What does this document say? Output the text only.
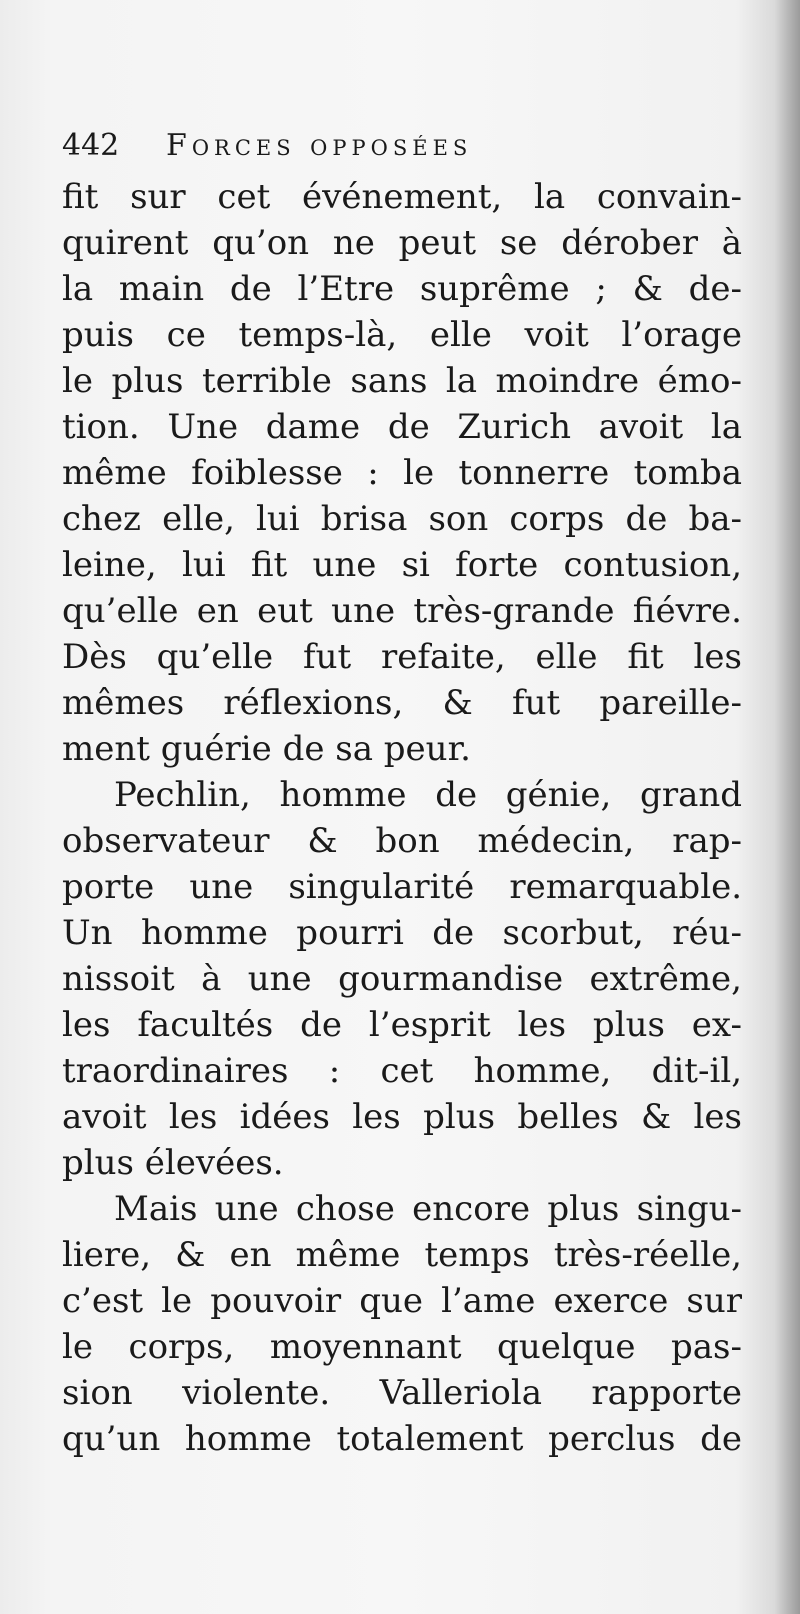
442	Forces opposées
fit sur cet événement, la convain-
quirent qu’on ne peut se dérober à
la main de l’Etre suprême ; & de-
puis ce temps-là, elle voit l’orage
le plus terrible sans la moindre émo-
tion. Une dame de Zurich avoit la
même foiblesse : le tonnerre tomba
chez elle, lui brisa son corps de ba-
leine, lui fit une si forte contusion,
qu’elle en eut une très-grande fiévre.
Dès qu’elle fut refaite, elle fit les
mêmes réflexions, & fut pareille-
ment guérie de sa peur.
Pechlin, homme de génie, grand
observateur & bon médecin, rap-
porte une singularité remarquable.
Un homme pourri de scorbut, réu-
nissoit à une gourmandise extrême,
les facultés de l’esprit les plus ex-
traordinaires : cet homme, dit-il,
avoit les idées les plus belles & les
plus élevées.
Mais une chose encore plus singu-
liere, & en même temps très-réelle,
c’est le pouvoir que l’ame exerce sur
le corps, moyennant quelque pas-
sion violente. Valleriola rapporte
qu’un homme totalement perclus de
